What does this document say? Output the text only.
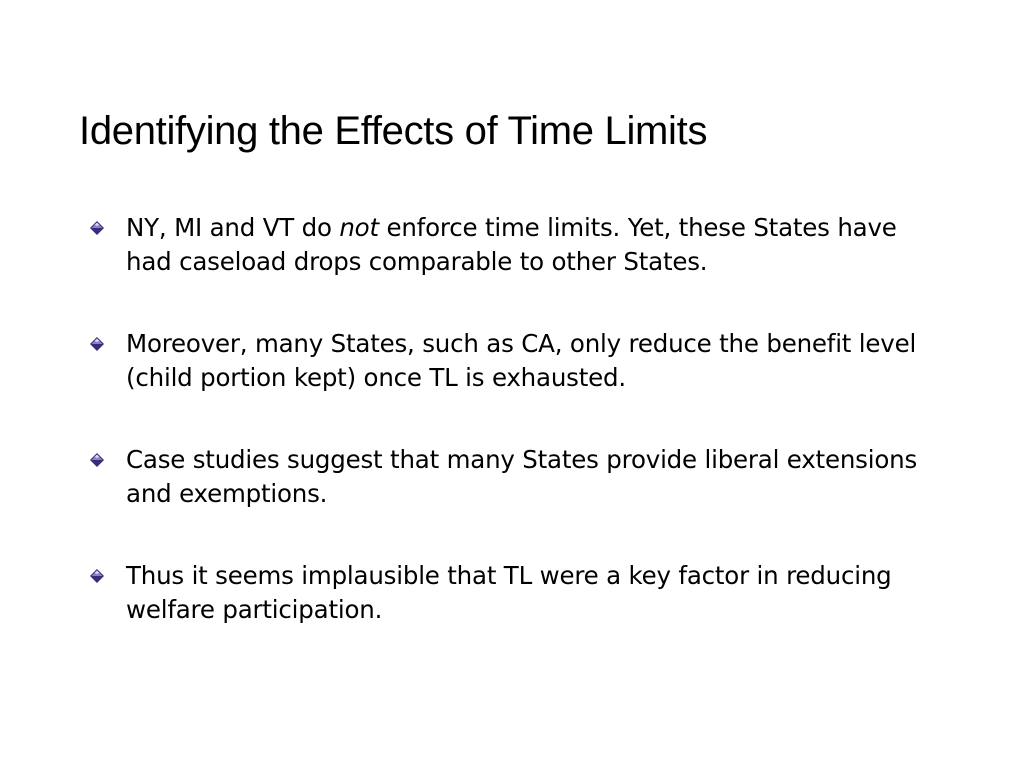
Identifying the Effects of Time Limits
NY, MI and VT do not enforce time limits. Yet, these States have had caseload drops comparable to other States.
Moreover, many States, such as CA, only reduce the benefit level (child portion kept) once TL is exhausted.
Case studies suggest that many States provide liberal extensions and exemptions.
Thus it seems implausible that TL were a key factor in reducing welfare participation.
